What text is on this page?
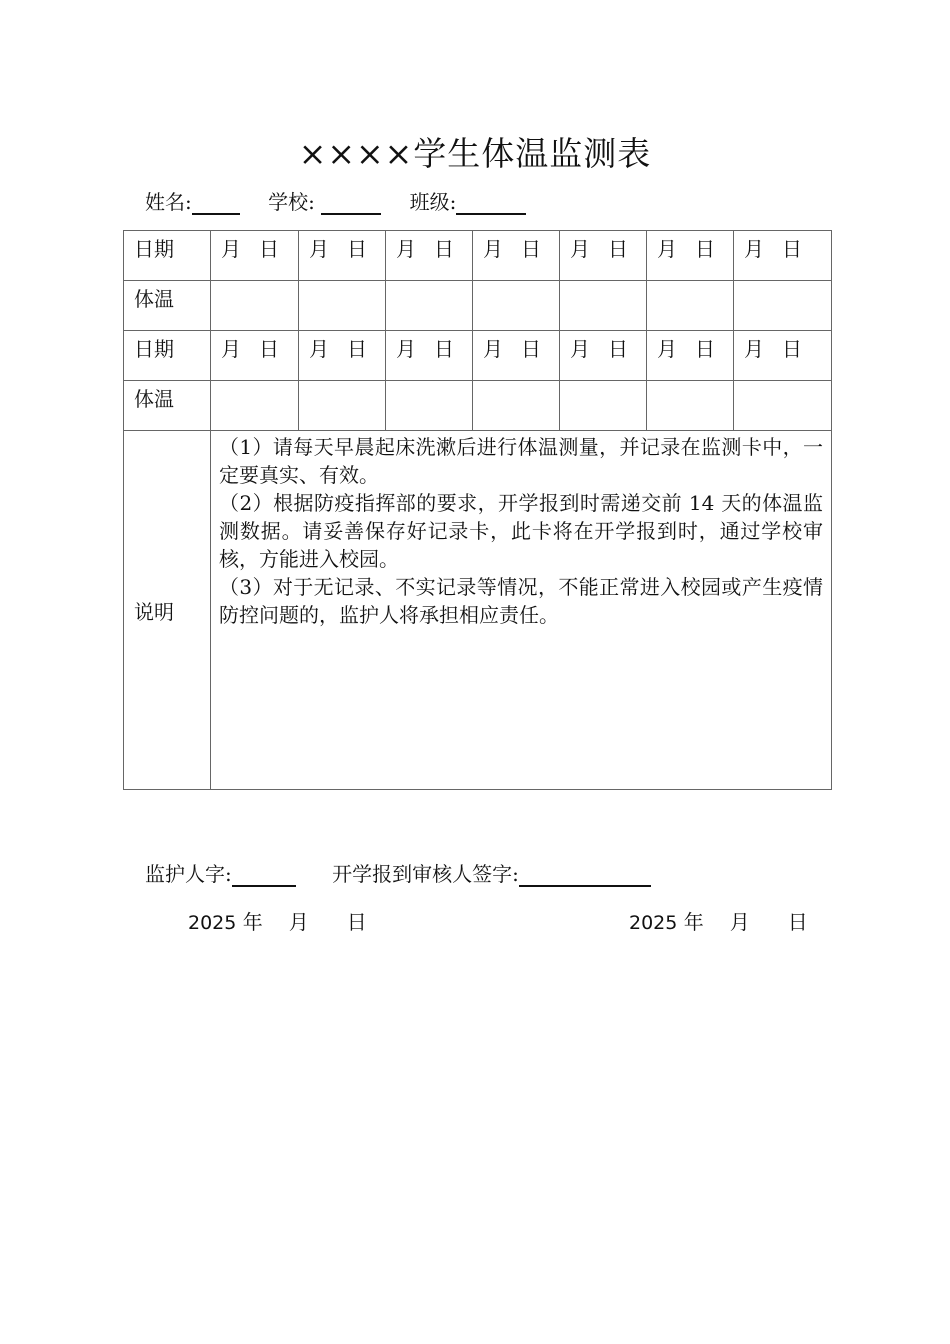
××××学生体温监测表
姓名:	学校:	班级:
日期	月 日	月 日	月 日	月 日	月 日	月 日	月 日
体温							
日期	月 日	月 日	月 日	月 日	月 日	月 日	月 日
体温							
说明	（1）请每天早晨起床洗漱后进行体温测量，并记录在监测卡中，一定要真实、有效。
（2）根据防疫指挥部的要求，开学报到时需递交前 14 天的体温监测数据。请妥善保存好记录卡，此卡将在开学报到时，通过学校审核，方能进入校园。
（3）对于无记录、不实记录等情况，不能正常进入校园或产生疫情防控问题的，监护人将承担相应责任。						
监护人字:	开学报到审核人签字:
2025 年 月 日	2025 年 月 日
